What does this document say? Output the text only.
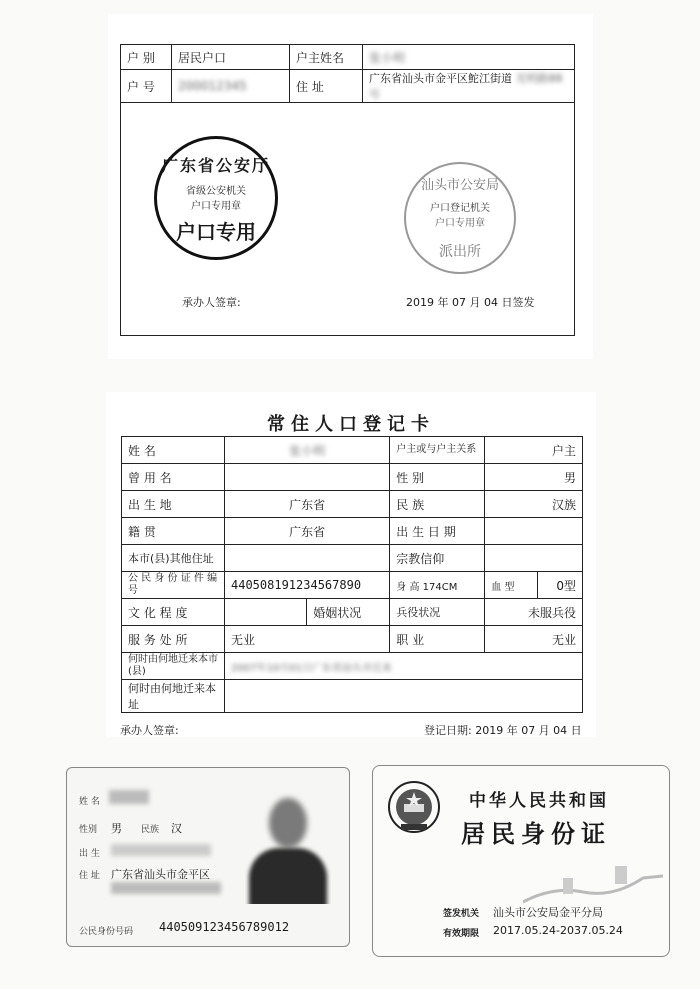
户 别	居民户口	户主姓名	张小明
户 号	200012345	住 址	广东省汕头市金平区鮀江街道 光明路88号
广东省公安厅
省级公安机关
户口专用章
户口专用
汕头市公安局
户口登记机关
户口专用章
派出所
承办人签章:	2019 年 07 月 04 日签发
常住人口登记卡
姓 名	张小明		户主或与户主关系	户主	
曾 用 名			性 别	男	
出 生 地	广东省		民 族	汉族	
籍 贯	广东省		出 生 日 期		
本市(县)其他住址			宗教信仰		
公 民 身 份 证 件 编 号	440508191234567890		身 高 174CM	血 型	0型
文 化 程 度		婚姻状况	兵役状况	未服兵役	
服 务 处 所	无业		职 业	无业	
何时由何地迁来本市(县)	2007年10月01日广东省汕头市迁来				
何时由何地迁来本址					
承办人签章:	登记日期: 2019 年 07 月 04 日
姓 名
性别 男 民族 汉
出 生
住 址 广东省汕头市金平区
公民身份号码 440509123456789012
中华人民共和国
居民身份证
签发机关 汕头市公安局金平分局
有效期限 2017.05.24-2037.05.24
